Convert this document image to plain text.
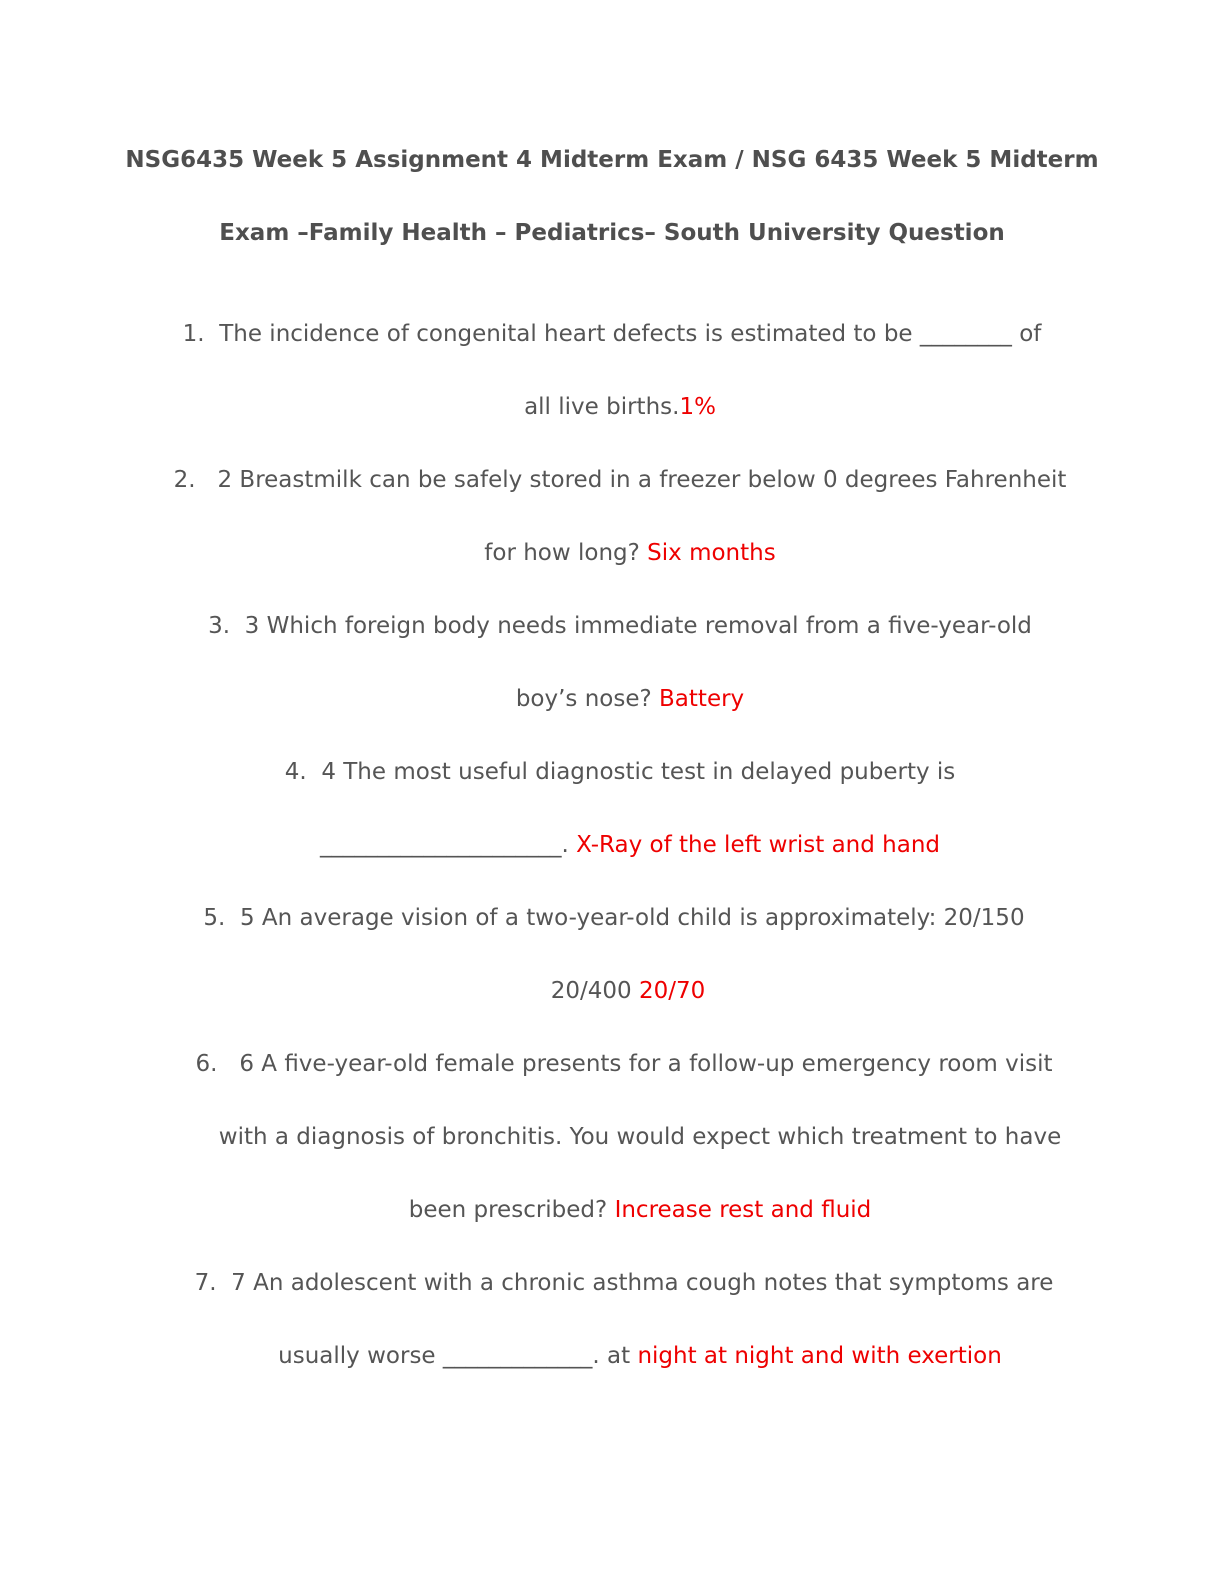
NSG6435 Week 5 Assignment 4 Midterm Exam / NSG 6435 Week 5 Midterm
Exam –Family Health – Pediatrics– South University Question
1. The incidence of congenital heart defects is estimated to be ________ of
all live births.1%
2. 2 Breastmilk can be safely stored in a freezer below 0 degrees Fahrenheit
for how long? Six months
3. 3 Which foreign body needs immediate removal from a five-year-old
boy’s nose? Battery
4. 4 The most useful diagnostic test in delayed puberty is
_____________________. X-Ray of the left wrist and hand
5. 5 An average vision of a two-year-old child is approximately: 20/150
20/400 20/70
6. 6 A five-year-old female presents for a follow-up emergency room visit
with a diagnosis of bronchitis. You would expect which treatment to have
been prescribed? Increase rest and fluid
7. 7 An adolescent with a chronic asthma cough notes that symptoms are
usually worse _____________. at night at night and with exertion
